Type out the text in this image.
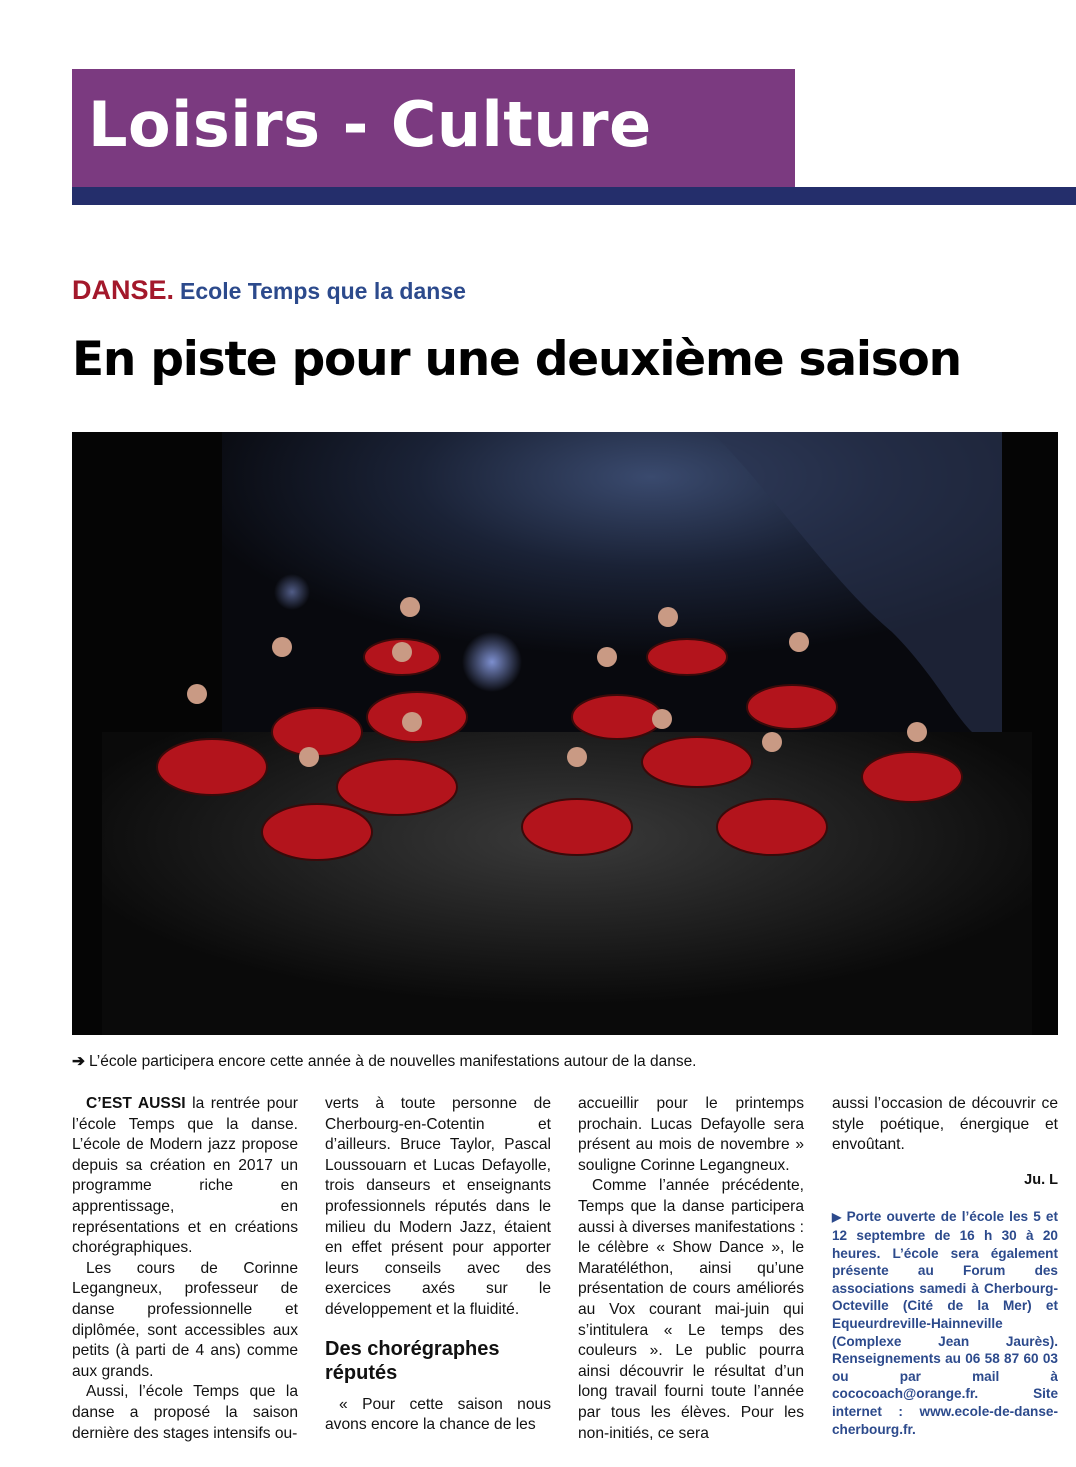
Loisirs - Culture
DANSE. Ecole Temps que la danse
En piste pour une deuxième saison
➔ L’école participera encore cette année à de nouvelles manifestations autour de la danse.

C’EST AUSSI la rentrée pour l’école Temps que la danse. L’école de Modern jazz propose depuis sa création en 2017 un programme riche en apprentissage, en représentations et en créations chorégraphiques.

Les cours de Corinne Legangneux, professeur de danse professionnelle et diplômée, sont accessibles aux petits (à parti de 4 ans) comme aux grands.

Aussi, l’école Temps que la danse a proposé la saison dernière des stages intensifs ou-

verts à toute personne de Cherbourg-en-Cotentin et d’ailleurs. Bruce Taylor, Pascal Loussouarn et Lucas Defayolle, trois danseurs et enseignants professionnels réputés dans le milieu du Modern Jazz, étaient en effet présent pour apporter leurs conseils avec des exercices axés sur le développement et la fluidité.

Des chorégraphes réputés

« Pour cette saison nous avons encore la chance de les

accueillir pour le printemps prochain. Lucas Defayolle sera présent au mois de novembre » souligne Corinne Legangneux.

Comme l’année précédente, Temps que la danse participera aussi à diverses manifestations : le célèbre « Show Dance », le Maratéléthon, ainsi qu’une présentation de cours améliorés au Vox courant mai-juin qui s’intitulera « Le temps des couleurs ». Le public pourra ainsi découvrir le résultat d’un long travail fourni toute l’année par tous les élèves. Pour les non-initiés, ce sera

aussi l’occasion de découvrir ce style poétique, énergique et envoûtant.

Ju. L

▶ Porte ouverte de l’école les 5 et 12 septembre de 16 h 30 à 20 heures. L’école sera également présente au Forum des associations samedi à Cherbourg-Octeville (Cité de la Mer) et Equeurdreville-Hainneville (Complexe Jean Jaurès). Renseignements au 06 58 87 60 03 ou par mail à cococoach@orange.fr. Site internet : www.ecole-de-danse-cherbourg.fr.
